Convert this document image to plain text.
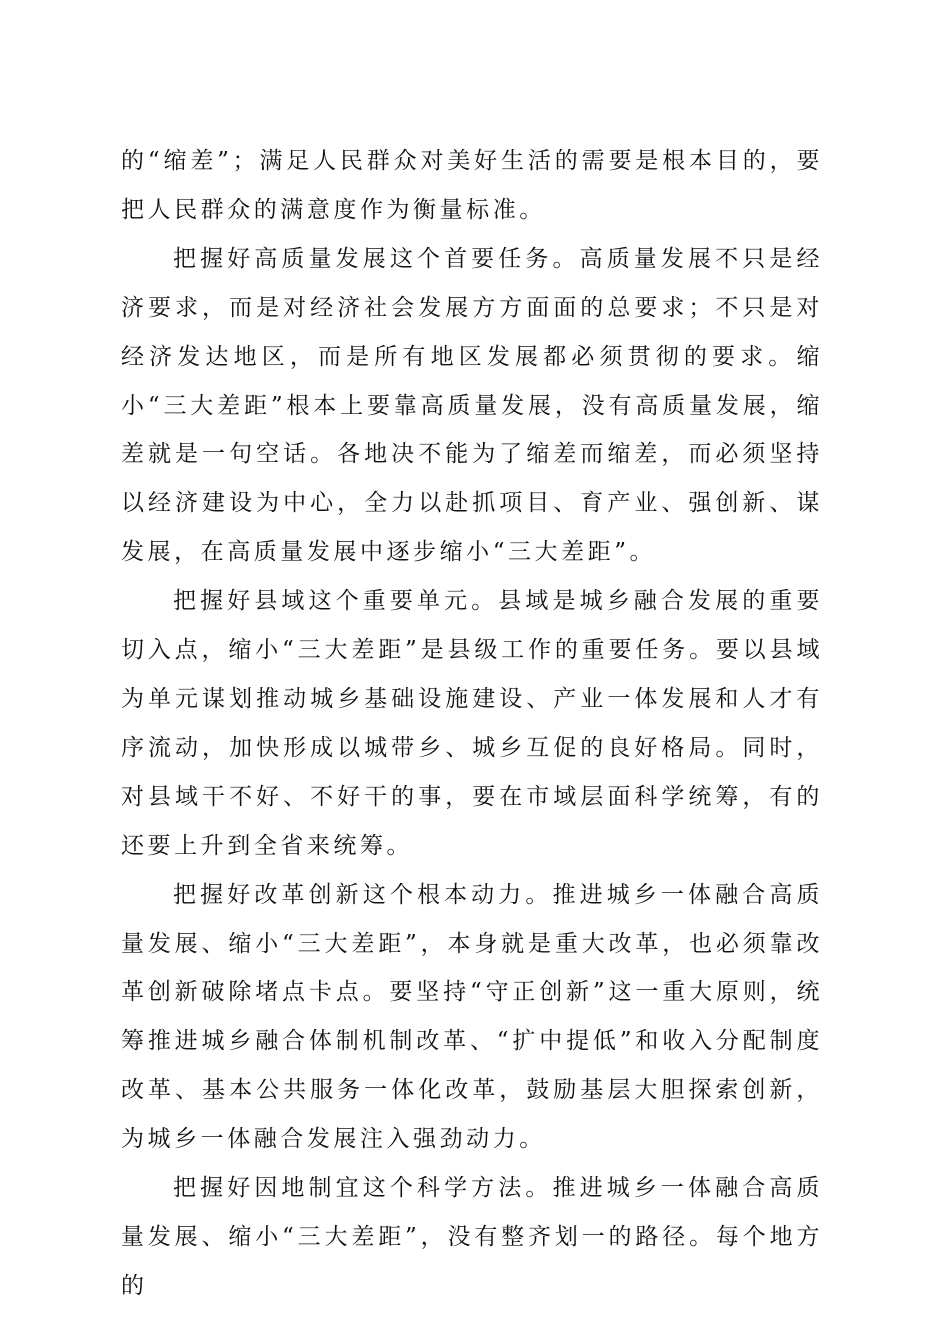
的“缩差”；满足人民群众对美好生活的需要是根本目的，要把人民群众的满意度作为衡量标准。

把握好高质量发展这个首要任务。高质量发展不只是经济要求，而是对经济社会发展方方面面的总要求；不只是对经济发达地区，而是所有地区发展都必须贯彻的要求。缩小“三大差距”根本上要靠高质量发展，没有高质量发展，缩差就是一句空话。各地决不能为了缩差而缩差，而必须坚持以经济建设为中心，全力以赴抓项目、育产业、强创新、谋发展，在高质量发展中逐步缩小“三大差距”。

把握好县域这个重要单元。县域是城乡融合发展的重要切入点，缩小“三大差距”是县级工作的重要任务。要以县域为单元谋划推动城乡基础设施建设、产业一体发展和人才有序流动，加快形成以城带乡、城乡互促的良好格局。同时，对县域干不好、不好干的事，要在市域层面科学统筹，有的还要上升到全省来统筹。

把握好改革创新这个根本动力。推进城乡一体融合高质量发展、缩小“三大差距”，本身就是重大改革，也必须靠改革创新破除堵点卡点。要坚持“守正创新”这一重大原则，统筹推进城乡融合体制机制改革、“扩中提低”和收入分配制度改革、基本公共服务一体化改革，鼓励基层大胆探索创新，为城乡一体融合发展注入强劲动力。

把握好因地制宜这个科学方法。推进城乡一体融合高质量发展、缩小“三大差距”，没有整齐划一的路径。每个地方的
